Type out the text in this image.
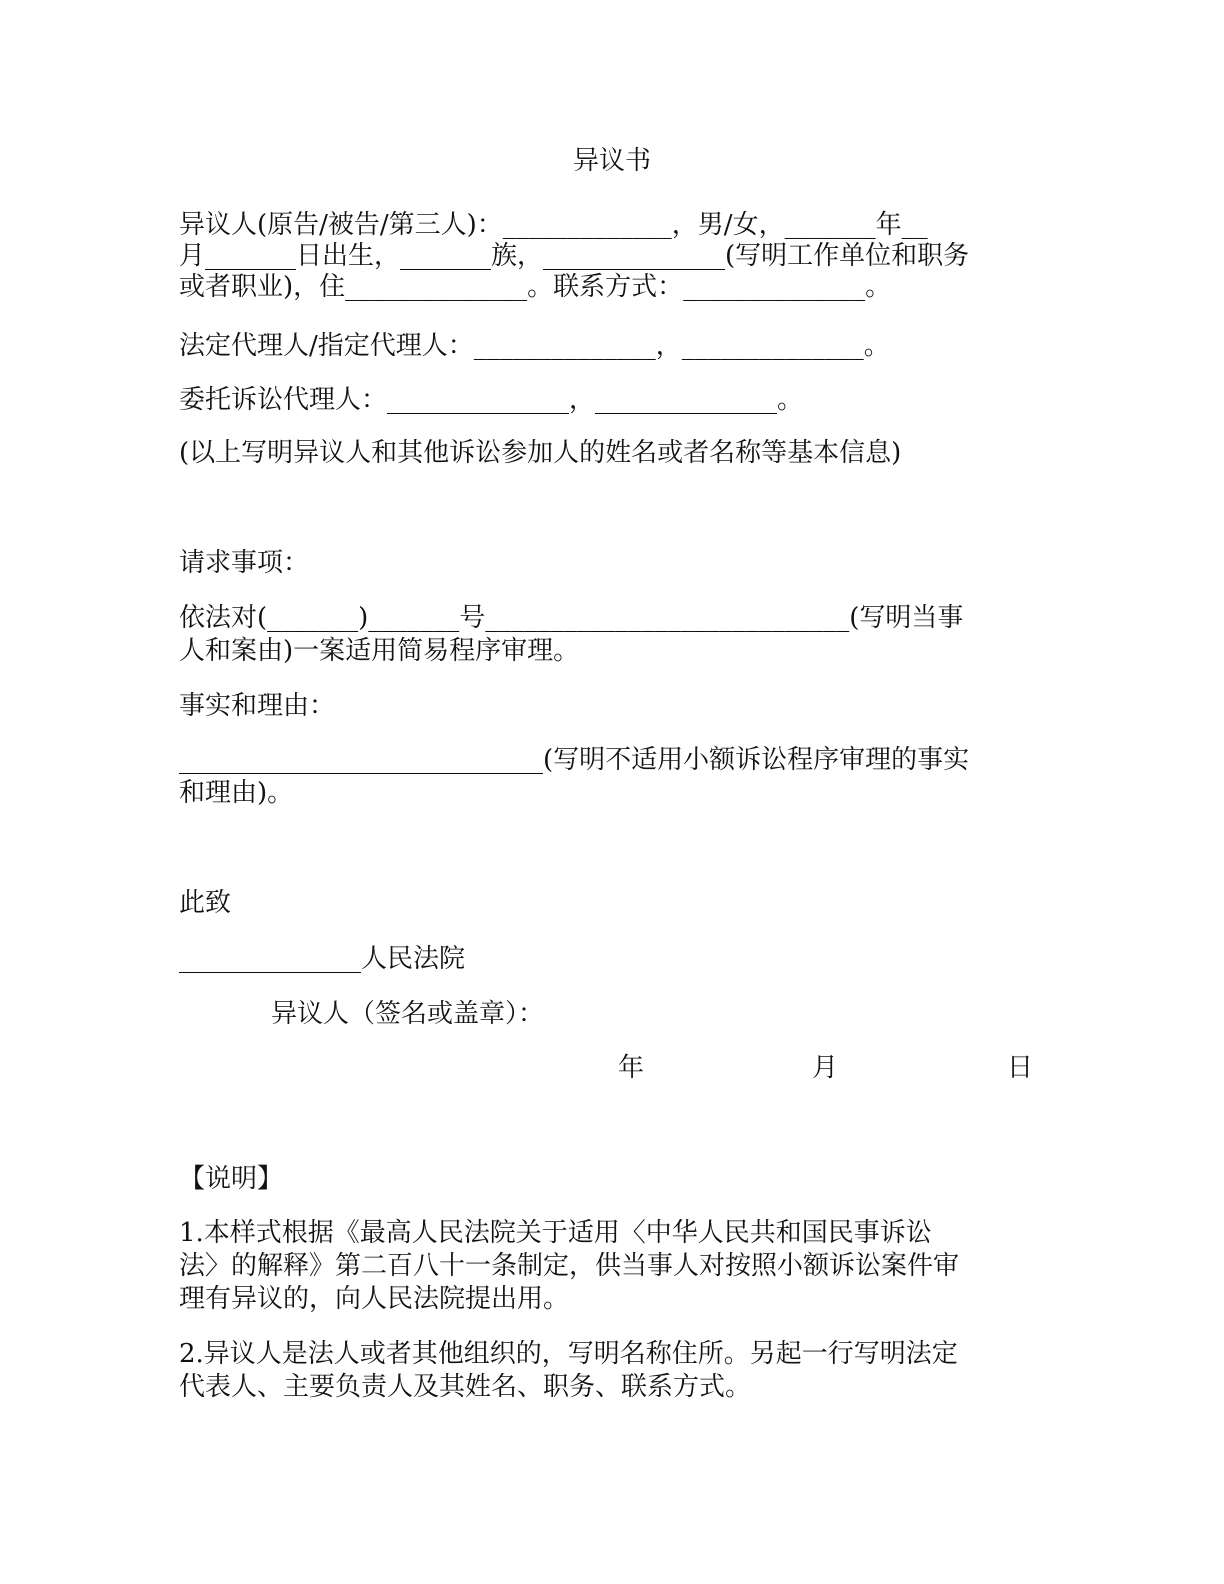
异议书
异议人(原告/被告/第三人)：_____________，男/女，_______年__
月_______日出生，_______族，______________(写明工作单位和职务
或者职业)，住______________。联系方式：______________。
法定代理人/指定代理人：______________，______________。
委托诉讼代理人：______________，______________。
(以上写明异议人和其他诉讼参加人的姓名或者名称等基本信息)
请求事项：
依法对(_______)_______号____________________________(写明当事
人和案由)一案适用简易程序审理。
事实和理由：
____________________________(写明不适用小额诉讼程序审理的事实
和理由)。
此致
______________人民法院
异议人（签名或盖章）：
年	月	日
【说明】
1.本样式根据《最高人民法院关于适用〈中华人民共和国民事诉讼
法〉的解释》第二百八十一条制定，供当事人对按照小额诉讼案件审
理有异议的，向人民法院提出用。
2.异议人是法人或者其他组织的，写明名称住所。另起一行写明法定
代表人、主要负责人及其姓名、职务、联系方式。
